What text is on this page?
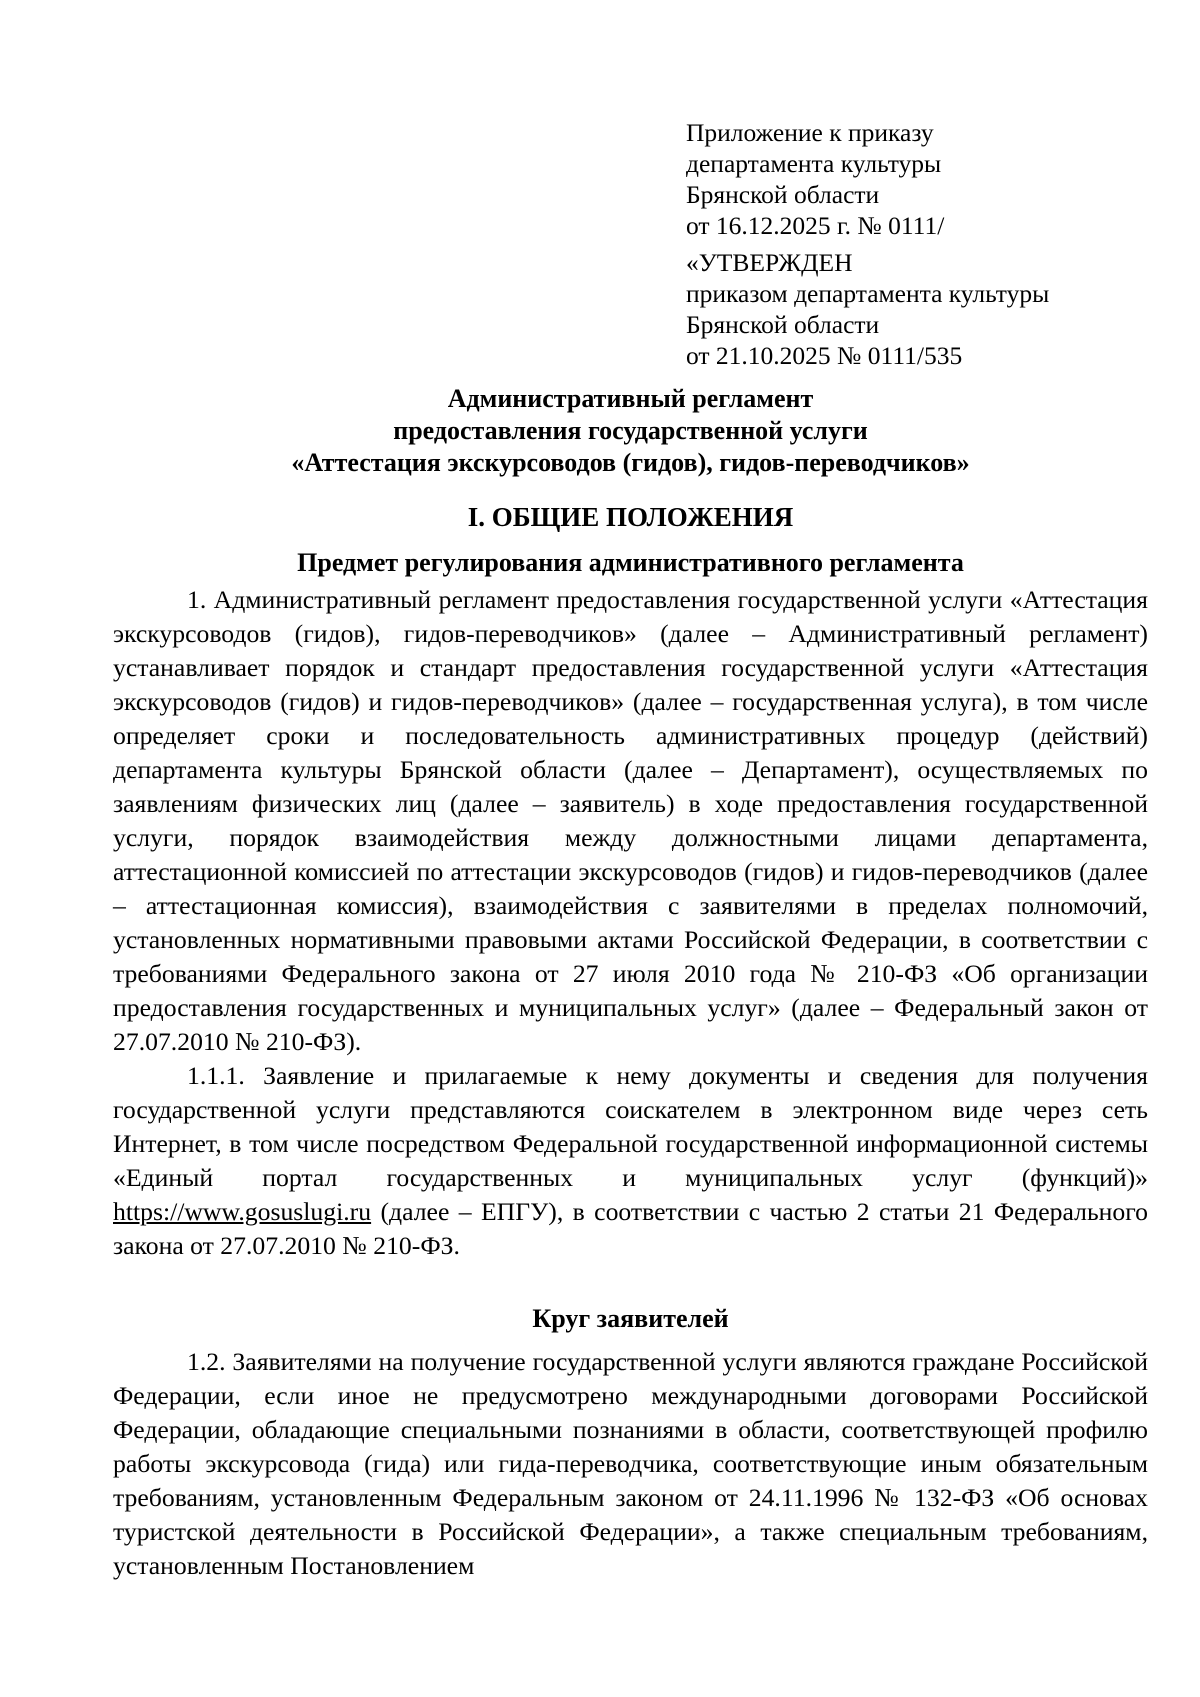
Приложение к приказу
департамента культуры
Брянской области
от 16.12.2025 г. № 0111/
«УТВЕРЖДЕН
приказом департамента культуры
Брянской области
от 21.10.2025 № 0111/535
Административный регламент
предоставления государственной услуги
«Аттестация экскурсоводов (гидов), гидов-переводчиков»
I. ОБЩИЕ ПОЛОЖЕНИЯ
Предмет регулирования административного регламента

1. Административный регламент предоставления государственной услуги «Аттестация экскурсоводов (гидов), гидов-переводчиков» (далее – Административный регламент) устанавливает порядок и стандарт предоставления государственной услуги «Аттестация экскурсоводов (гидов) и гидов-переводчиков» (далее – государственная услуга), в том числе определяет сроки и последовательность административных процедур (действий) департамента культуры Брянской области (далее – Департамент), осуществляемых по заявлениям физических лиц (далее – заявитель) в ходе предоставления государственной услуги, порядок взаимодействия между должностными лицами департамента, аттестационной комиссией по аттестации экскурсоводов (гидов) и гидов-переводчиков (далее – аттестационная комиссия), взаимодействия с заявителями в пределах полномочий, установленных нормативными правовыми актами Российской Федерации, в соответствии с требованиями Федерального закона от 27 июля 2010 года № 210-ФЗ «Об организации предоставления государственных и муниципальных услуг» (далее – Федеральный закон от 27.07.2010 № 210-ФЗ).

1.1.1. Заявление и прилагаемые к нему документы и сведения для получения государственной услуги представляются соискателем в электронном виде через сеть Интернет, в том числе посредством Федеральной государственной информационной системы «Единый портал государственных и муниципальных услуг (функций)» https://www.gosuslugi.ru (далее – ЕПГУ), в соответствии с частью 2 статьи 21 Федерального закона от 27.07.2010 № 210-ФЗ.

Круг заявителей

1.2. Заявителями на получение государственной услуги являются граждане Российской Федерации, если иное не предусмотрено международными договорами Российской Федерации, обладающие специальными познаниями в области, соответствующей профилю работы экскурсовода (гида) или гида-переводчика, соответствующие иным обязательным требованиям, установленным Федеральным законом от 24.11.1996 № 132-ФЗ «Об основах туристской деятельности в Российской Федерации», а также специальным требованиям, установленным Постановлением
